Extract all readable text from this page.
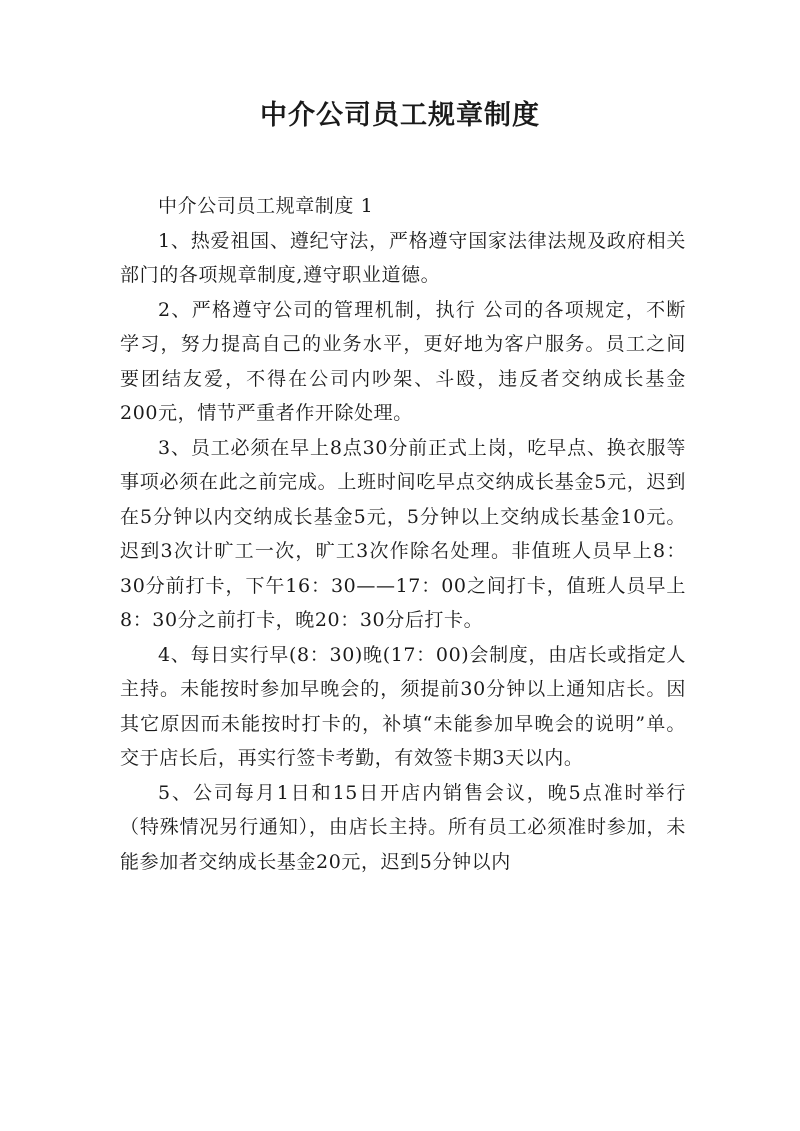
中介公司员工规章制度

中介公司员工规章制度 1

1、热爱祖国、遵纪守法，严格遵守国家法律法规及政府相关部门的各项规章制度,遵守职业道德。

2、严格遵守公司的管理机制，执行 公司的各项规定，不断学习，努力提高自己的业务水平，更好地为客户服务。员工之间要团结友爱，不得在公司内吵架、斗殴，违反者交纳成长基金200元，情节严重者作开除处理。

3、员工必须在早上8点30分前正式上岗，吃早点、换衣服等事项必须在此之前完成。上班时间吃早点交纳成长基金5元，迟到在5分钟以内交纳成长基金5元，5分钟以上交纳成长基金10元。迟到3次计旷工一次，旷工3次作除名处理。非值班人员早上8：30分前打卡，下午16：30——17：00之间打卡，值班人员早上8：30分之前打卡，晚20：30分后打卡。

4、每日实行早(8：30)晚(17：00)会制度，由店长或指定人主持。未能按时参加早晚会的，须提前30分钟以上通知店长。因其它原因而未能按时打卡的，补填“未能参加早晚会的说明”单。交于店长后，再实行签卡考勤，有效签卡期3天以内。

5、公司每月1日和15日开店内销售会议，晚5点准时举行（特殊情况另行通知），由店长主持。所有员工必须准时参加，未能参加者交纳成长基金20元，迟到5分钟以内
